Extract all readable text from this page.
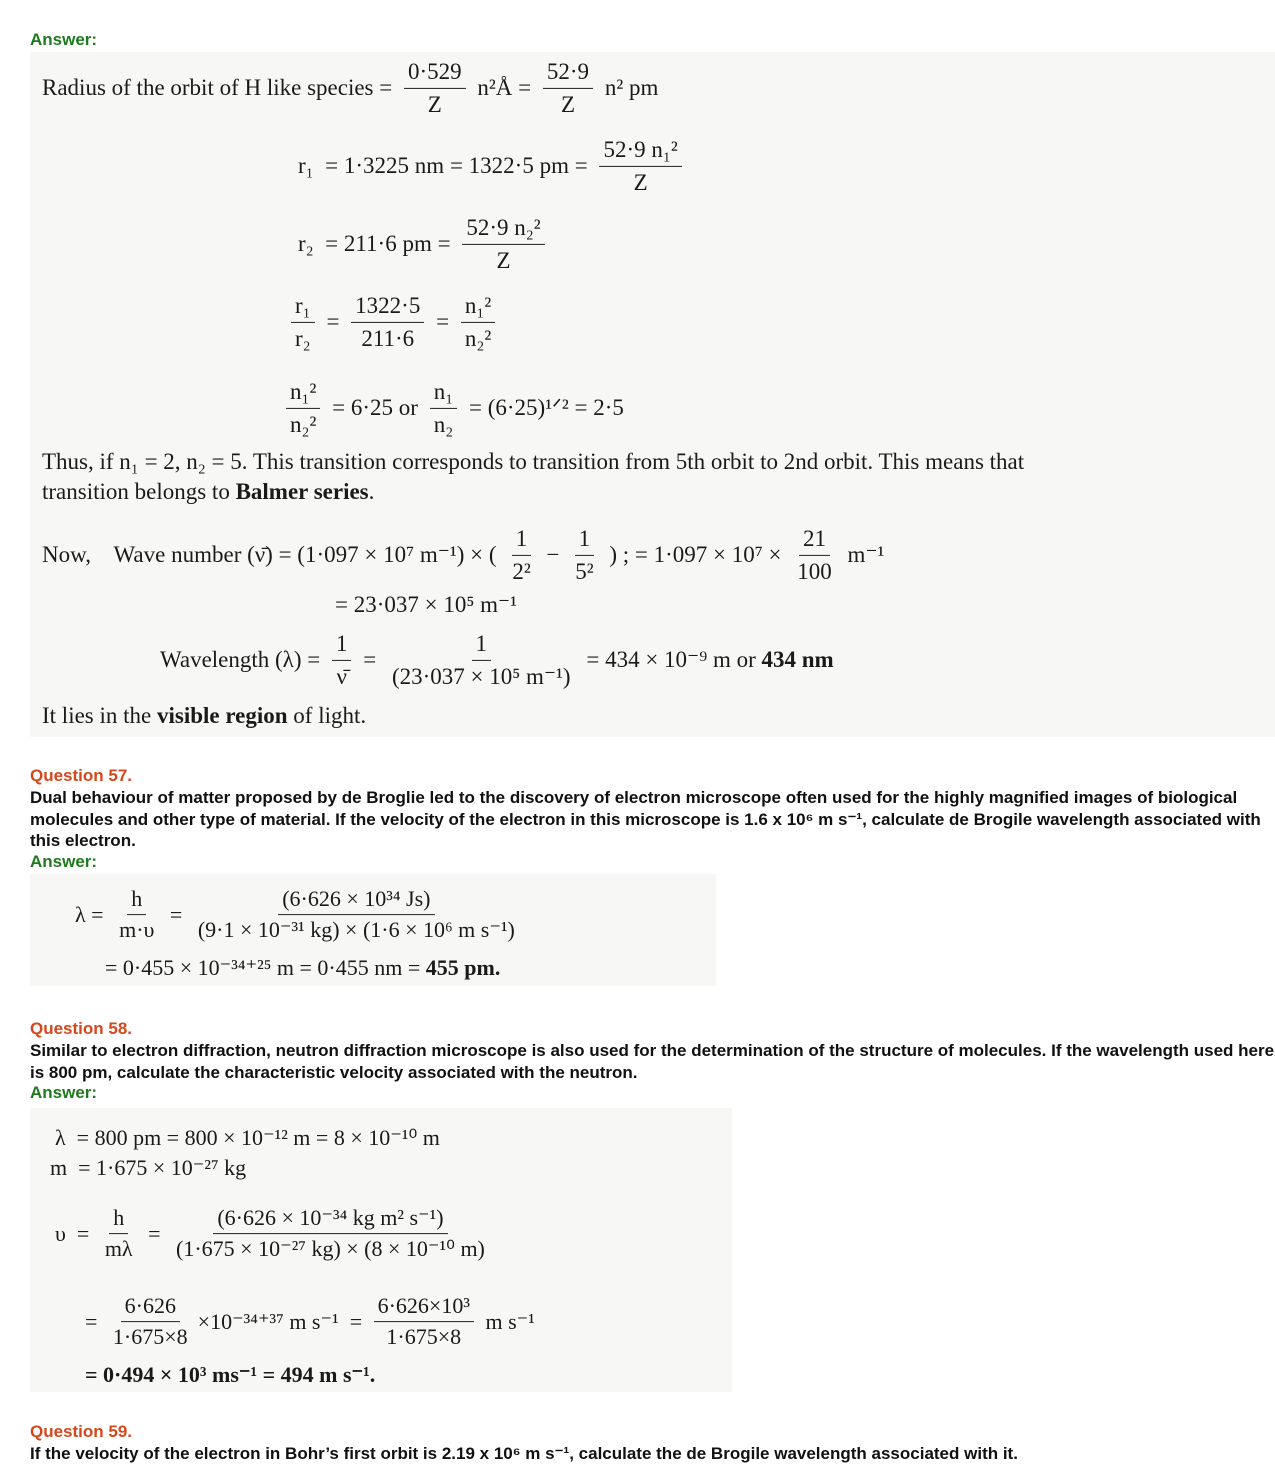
Answer:
Radius of the orbit of H like species = $\frac{0\cdot 529}{Z}$ n²Å = $\frac{52\cdot 9}{Z} n^2$ pm
r₁  = 1·3225 nm = 1322·5 pm = $\frac{\text{52·9 n₁²}}{Z}$
r₂  = 211·6 pm = $\frac{\text{52·9 n₂²}}{Z}$
$\frac{\text{r₁}}{\text{r₂}} = \frac{1322\cdot 5}{211\cdot 6} = \frac{\text{n₁²}}{\text{n₂²}}$
$\frac{\text{n₁²}}{\text{n₂²}} = 6\cdot 25$ or $\frac{\text{n₁}}{\text{n₂}}$ = (6·25)¹ᐟ² = 2·5
Thus, if n₁ = 2, n₂ = 5. This transition corresponds to transition from 5th orbit to 2nd orbit. This means that
transition belongs to Balmer series .
Now,    Wave number (ν̄) = (1·097 × 10⁷ m⁻¹) × ( $\frac{1}{\text{2²}} - \frac{1}{\text{5²}}$ ) ; = $1\cdot 097 \times 10^7 \times \frac{21}{100} m^{-1}$
= 23·037 × 10⁵ m⁻¹
Wavelength $(\lambda) = \frac{1}{\nū} = \frac{1}{\text{(23·037 × 10⁵ m⁻¹)}} = 434 \times 10^{-9}$ m or 434 nm
It lies in the visible region of light.
Question 57.
Dual behaviour of matter proposed by de Broglie led to the discovery of electron microscope often used for the highly magnified images of biological molecules and other type of material. If the velocity of the electron in this microscope is 1.6 x 10⁶ m s⁻¹, calculate de Brogile wavelength associated with this electron.
Answer:
$\lambda = \frac{h}{m\cdot\upsilon} = \frac{\text{(6·626 × 10³⁴ Js)}}{\text{(9·1 × 10⁻³¹ kg) × (1·6 × 10⁶ m s⁻¹)}}$
= 0·455 × 10⁻³⁴⁺²⁵ m = 0·455 nm = 455 pm.
Question 58.
Similar to electron diffraction, neutron diffraction microscope is also used for the determination of the structure of molecules. If the wavelength used here is 800 pm, calculate the characteristic velocity associated with the neutron.
Answer:
λ  = 800 pm = 800 × 10⁻¹² m = 8 × 10⁻¹⁰ m
m  = 1·675 × 10⁻²⁷ kg
$\upsilon = \frac{h}{m\lambda} = \frac{\text{(6·626 × 10⁻³⁴ kg m² s⁻¹)}}{\text{(1·675 × 10⁻²⁷ kg) × (8 × 10⁻¹⁰ m)}}$
= $\frac{6\cdot 626}{1\cdot 675\times 8} \times 10^{-34+37}$ m $s^{-1} = \frac{\text{6·626×10³}}{1\cdot 675\times 8}$ m s⁻¹
= 0·494 × 10³ ms⁻¹ = 494 m s⁻¹.
Question 59.
If the velocity of the electron in Bohr’s first orbit is 2.19 x 10⁶ m s⁻¹, calculate the de Brogile wavelength associated with it.
